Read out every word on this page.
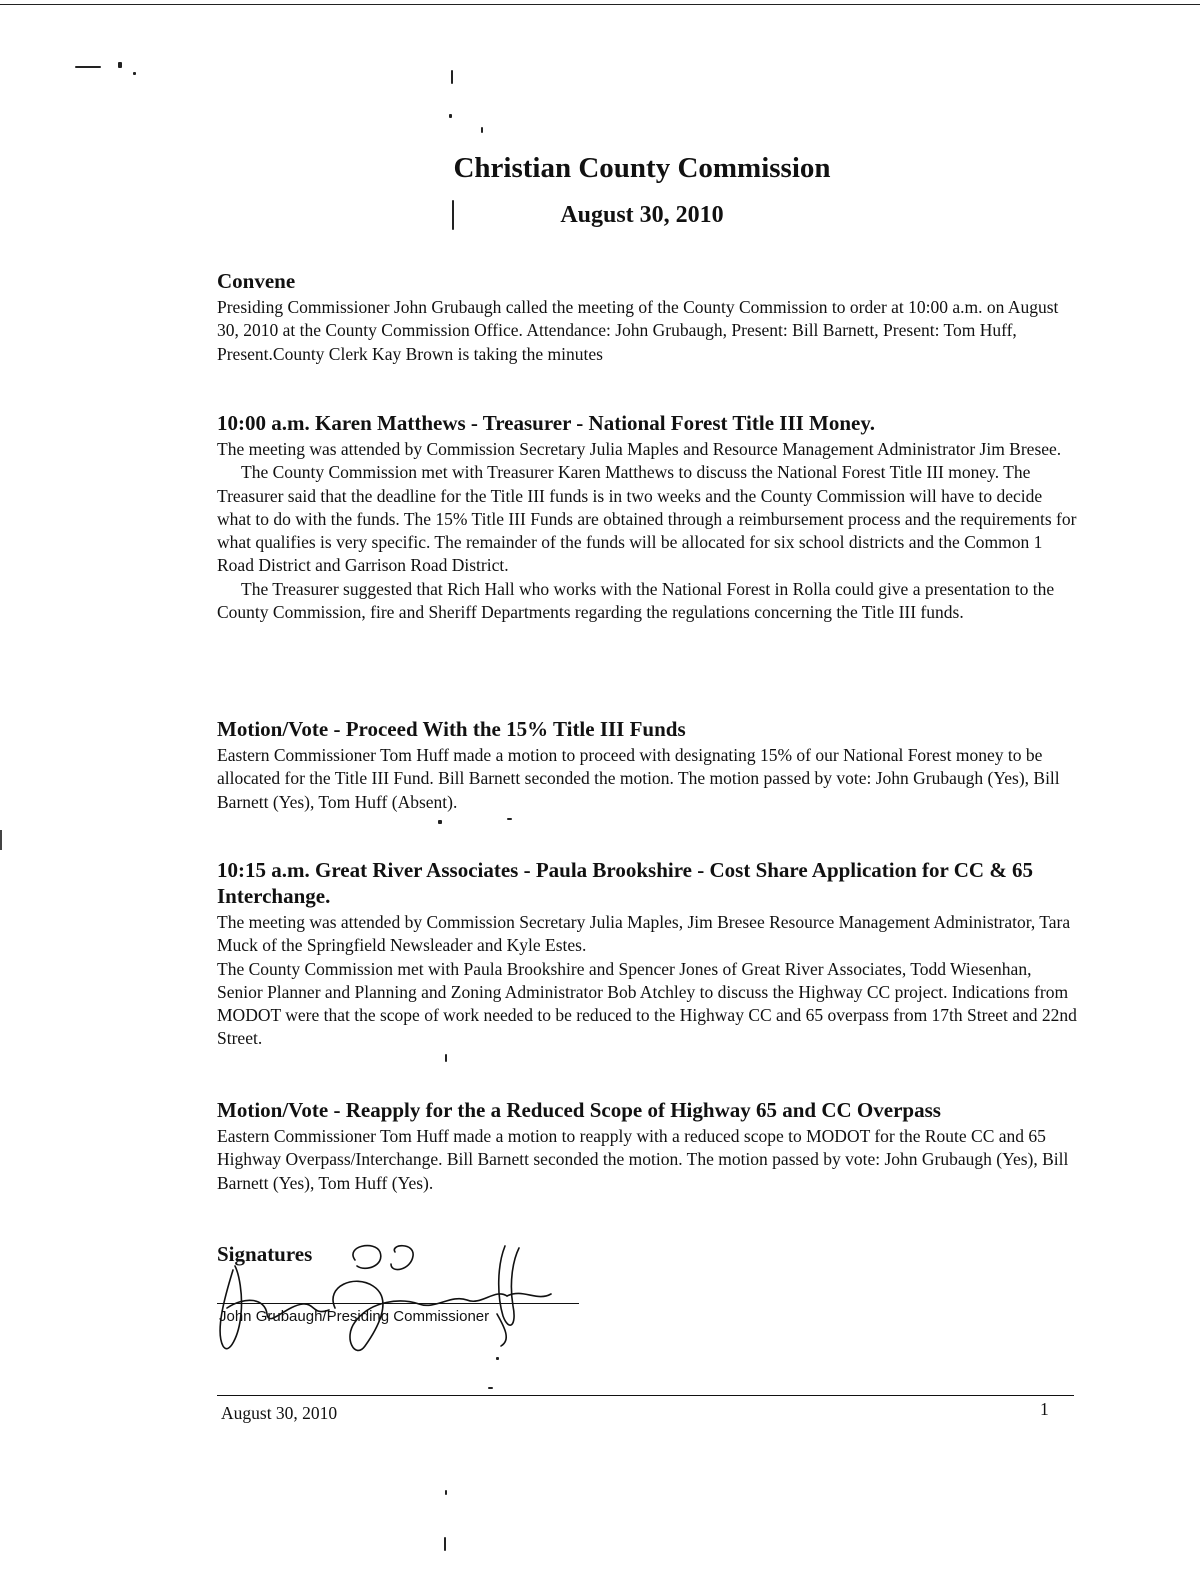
Christian County Commission
August 30, 2010
Convene

Presiding Commissioner John Grubaugh called the meeting of the County Commission to order at 10:00 a.m. on August 30, 2010 at the County Commission Office. Attendance: John Grubaugh, Present: Bill Barnett, Present: Tom Huff, Present.County Clerk Kay Brown is taking the minutes

10:00 a.m. Karen Matthews - Treasurer - National Forest Title III Money.

The meeting was attended by Commission Secretary Julia Maples and Resource Management Administrator Jim Bresee.

The County Commission met with Treasurer Karen Matthews to discuss the National Forest Title III money. The Treasurer said that the deadline for the Title III funds is in two weeks and the County Commission will have to decide what to do with the funds. The 15% Title III Funds are obtained through a reimbursement process and the requirements for what qualifies is very specific. The remainder of the funds will be allocated for six school districts and the Common 1 Road District and Garrison Road District.

The Treasurer suggested that Rich Hall who works with the National Forest in Rolla could give a presentation to the County Commission, fire and Sheriff Departments regarding the regulations concerning the Title III funds.

Motion/Vote - Proceed With the 15% Title III Funds

Eastern Commissioner Tom Huff made a motion to proceed with designating 15% of our National Forest money to be allocated for the Title III Fund. Bill Barnett seconded the motion. The motion passed by vote: John Grubaugh (Yes), Bill Barnett (Yes), Tom Huff (Absent).

10:15 a.m. Great River Associates - Paula Brookshire - Cost Share Application for CC & 65 Interchange.

The meeting was attended by Commission Secretary Julia Maples, Jim Bresee Resource Management Administrator, Tara Muck of the Springfield Newsleader and Kyle Estes.

The County Commission met with Paula Brookshire and Spencer Jones of Great River Associates, Todd Wiesenhan, Senior Planner and Planning and Zoning Administrator Bob Atchley to discuss the Highway CC project. Indications from MODOT were that the scope of work needed to be reduced to the Highway CC and 65 overpass from 17th Street and 22nd Street.

Motion/Vote - Reapply for the a Reduced Scope of Highway 65 and CC Overpass

Eastern Commissioner Tom Huff made a motion to reapply with a reduced scope to MODOT for the Route CC and 65 Highway Overpass/Interchange. Bill Barnett seconded the motion. The motion passed by vote: John Grubaugh (Yes), Bill Barnett (Yes), Tom Huff (Yes).

Signatures
John Grubaugh/Presiding Commissioner
August 30, 2010	1
